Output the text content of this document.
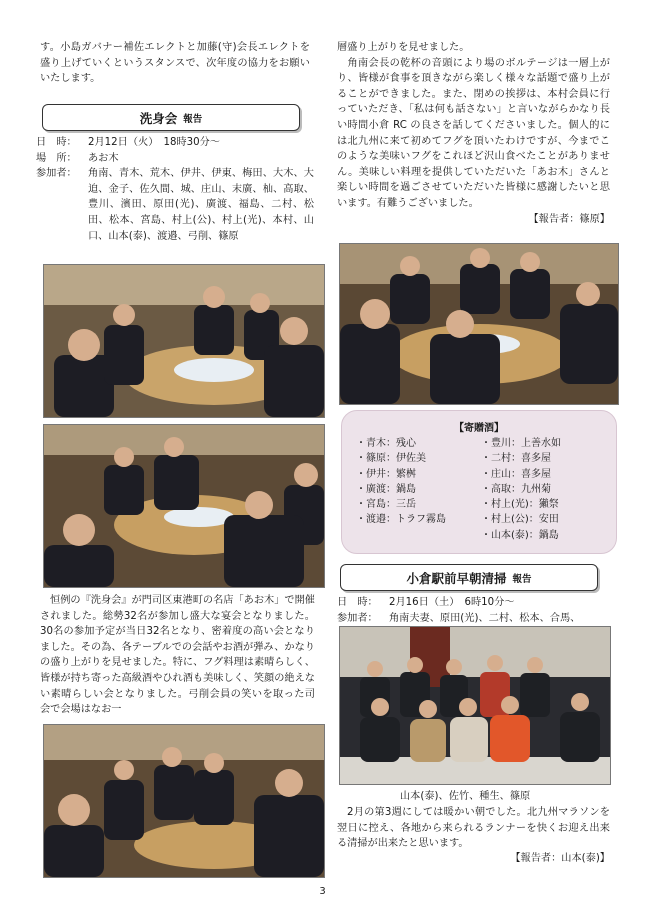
す。小島ガバナー補佐エレクトと加藤(守)会長エレクトを盛り上げていくというスタンスで、次年度の協力をお願いいたします。
洗身会 報告
日　時：	2月12日（火）　18時30分～
場　所：	あお木
参加者：	角南、青木、荒木、伊井、伊東、梅田、大木、大迫、金子、佐久間、城、庄山、末廣、杣、高取、豊川、濱田、原田(光)、廣渡、福島、二村、松田、松本、宮島、村上(公)、村上(光)、本村、山口、山本(泰)、渡邉、弓削、篠原
恒例の『洗身会』が門司区東港町の名店「あお木」で開催されました。総勢32名が参加し盛大な宴会となりました。30名の参加予定が当日32名となり、密着度の高い会となりました。その為、各テーブルでの会話やお酒が弾み、かなりの盛り上がりを見せました。特に、フグ料理は素晴らしく、皆様が持ち寄った高級酒やひれ酒も美味しく、笑顔の絶えない素晴らしい会となりました。弓削会員の笑いを取った司会で会場はなお一
層盛り上がりを見せました。
　角南会長の乾杯の音頭により場のボルテージは一層上がり、皆様が食事を頂きながら楽しく様々な話題で盛り上がることができました。また、閉めの挨拶は、本村会員に行っていただき、「私は何も話さない」と言いながらかなり長い時間小倉 RC の良さを話してくださいました。個人的には北九州に来て初めてフグを頂いたわけですが、今までこのような美味いフグをこれほど沢山食べたことがありません。美味しい料理を提供していただいた「あお木」さんと楽しい時間を過ごさせていただいた皆様に感謝したいと思います。有難うございました。
【報告者：篠原】
【寄贈酒】
・青木：残心
・篠原：伊佐美
・伊井：繁桝
・廣渡：鍋島
・宮島：三岳
・渡邉：トラフ霧島
・豊川：上善水如
・二村：喜多屋
・庄山：喜多屋
・高取：九州菊
・村上(光)：獺祭
・村上(公)：安田
・山本(泰)：鍋島
小倉駅前早朝清掃 報告
日　時：	2月16日（土）　6時10分～
参加者：	角南夫妻、原田(光)、二村、松本、合馬、
山本(泰)、佐竹、種生、篠原
2月の第3週にしては暖かい朝でした。北九州マラソンを翌日に控え、各地から来られるランナーを快くお迎え出来る清掃が出来たと思います。
【報告者：山本(泰)】
3
